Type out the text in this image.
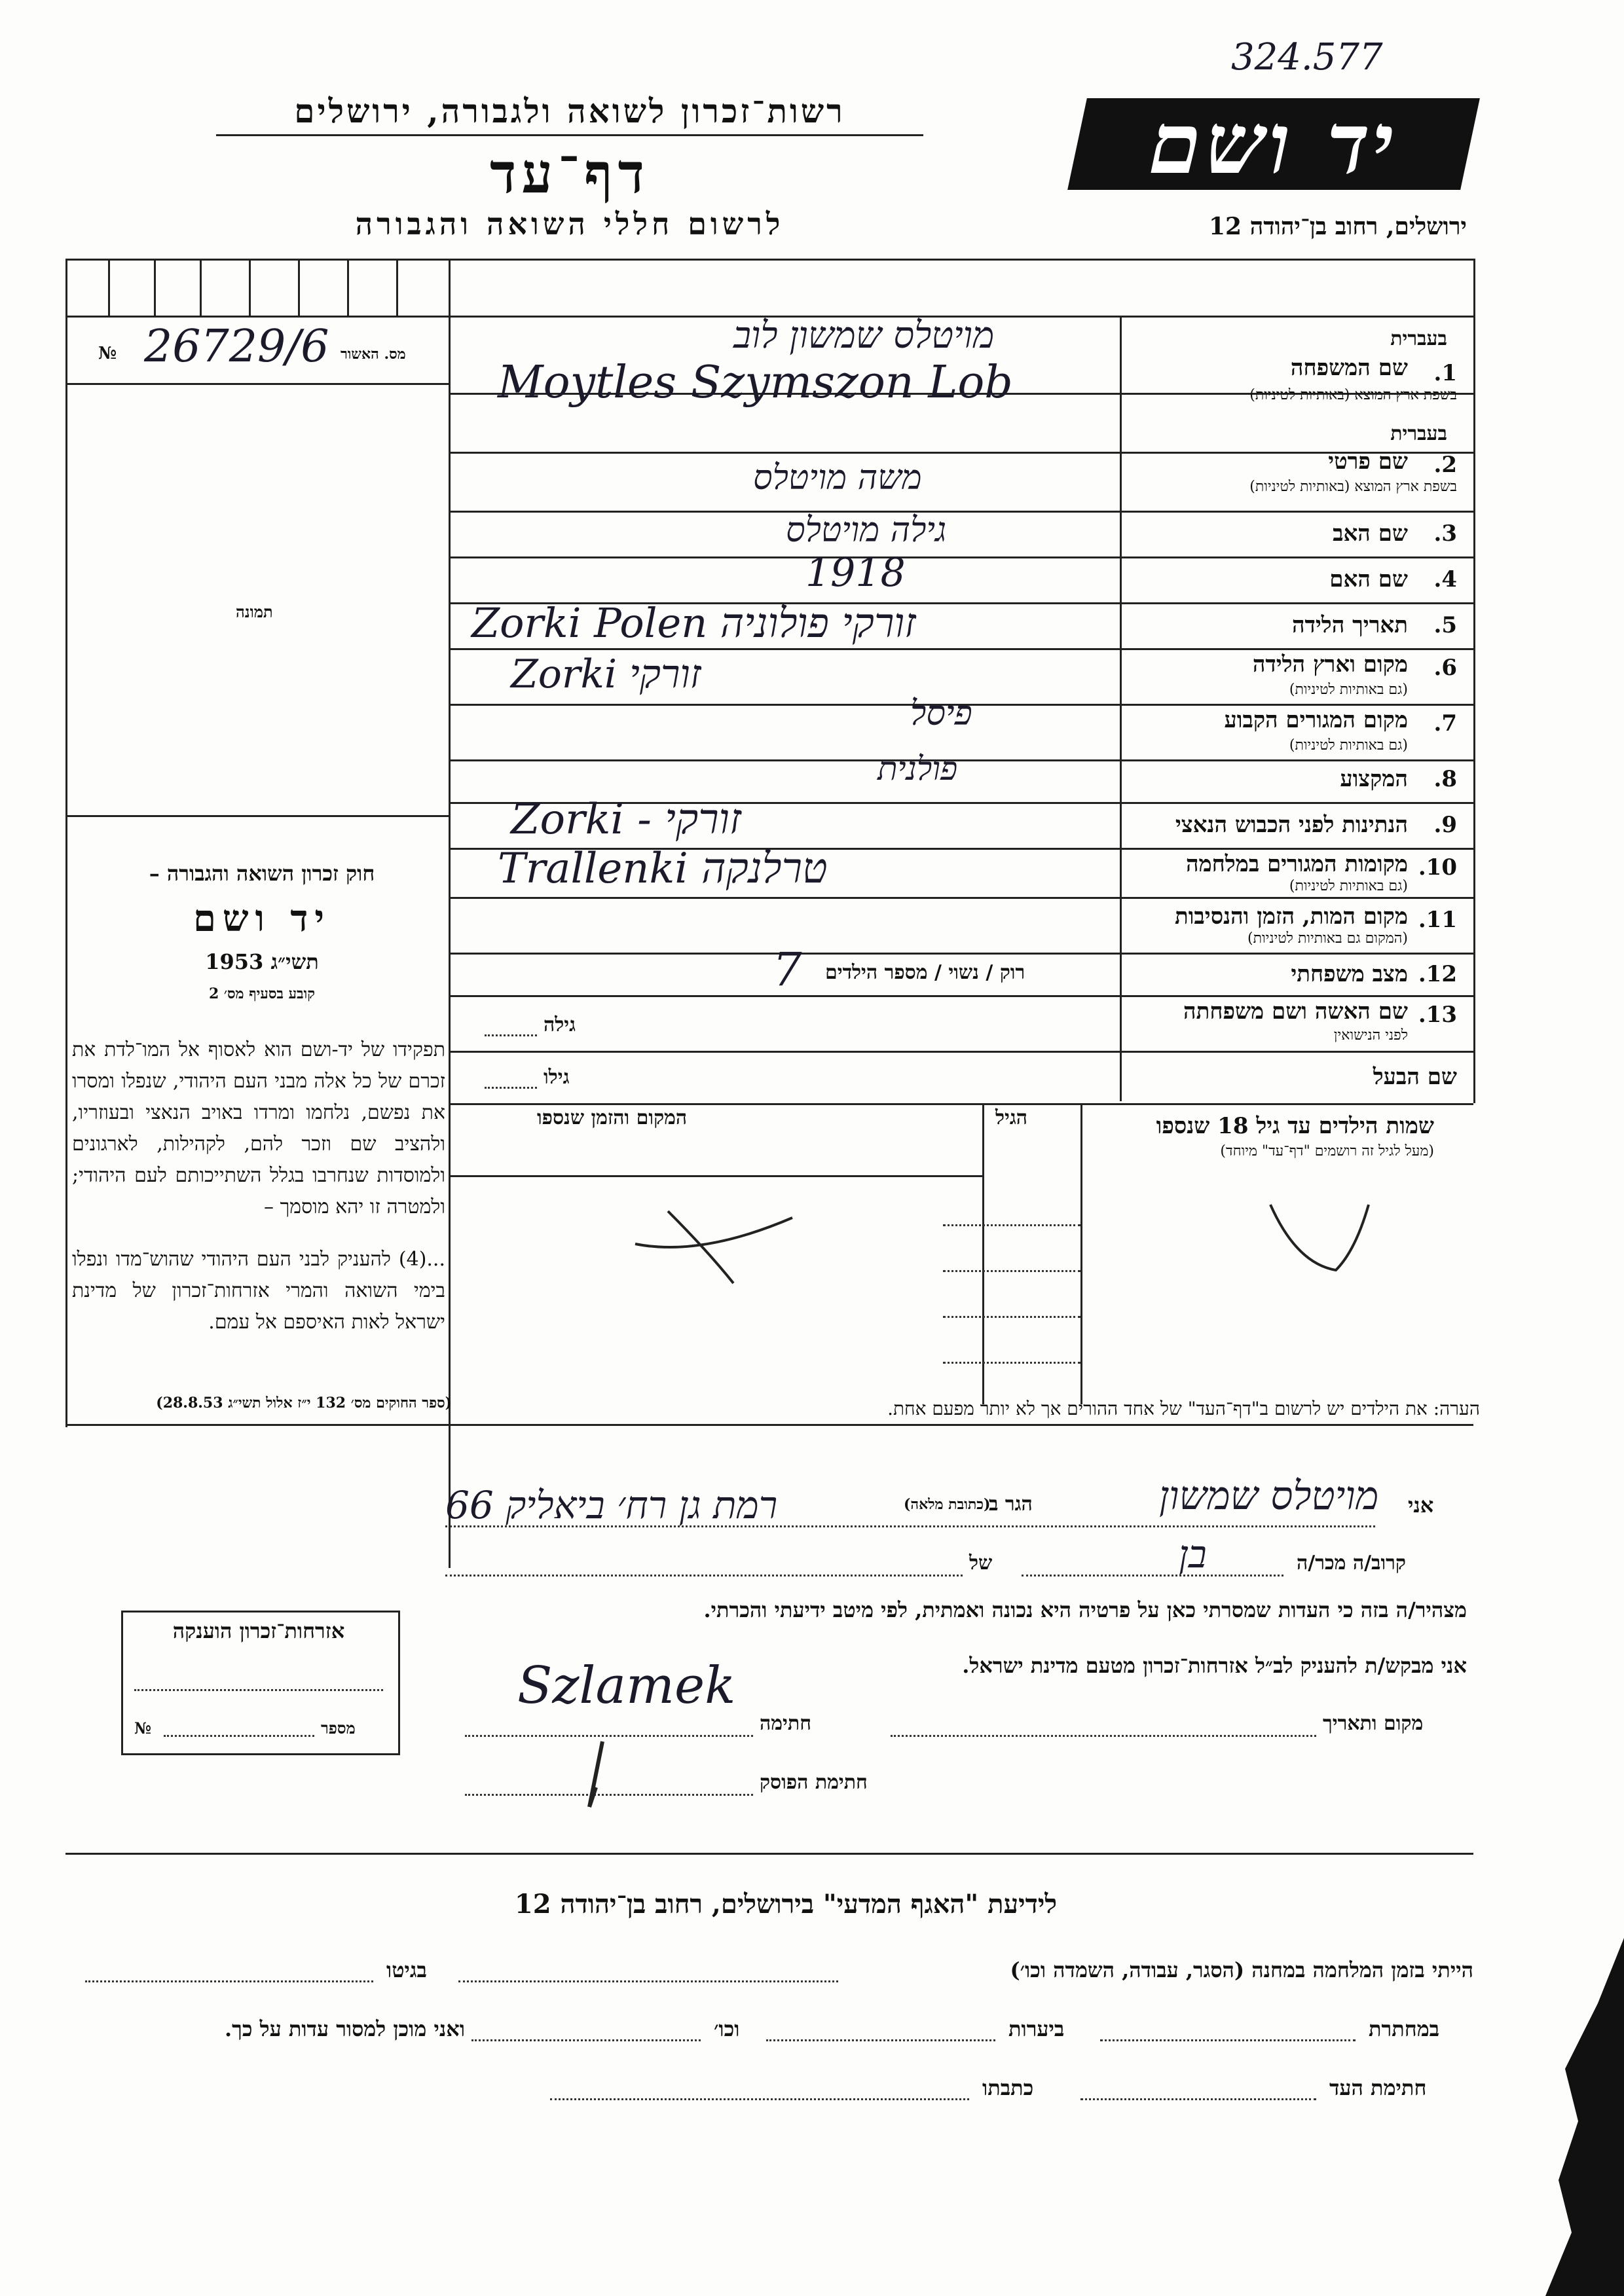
324.577
רשות־זכרון לשואה ולגבורה, ירושלים
דף־עד
לרשום חללי השואה והגבורה
יד ושם
ירושלים, רחוב בן־יהודה 12
№ 26729/6 מס. האשור
תמונה
בעברית
1.
שם המשפחה
בשפת ארץ המוצא (באותיות לטיניות)
בעברית
2.
שם פרטי
בשפת ארץ המוצא (באותיות לטיניות)
3.
שם האב
4.
שם האם
5.
תאריך הלידה
6.
מקום וארץ הלידה
(גם באותיות לטיניות)
7.
מקום המגורים הקבוע
(גם באותיות לטיניות)
8.
המקצוע
9.
הנתינות לפני הכבוש הנאצי
10.
מקומות המגורים במלחמה
(גם באותיות לטיניות)
11.
מקום המות, הזמן והנסיבות
(המקום גם באותיות לטיניות)
12.
מצב משפחתי
13.
שם האשה ושם משפחתה
לפני הנישואין
שם הבעל
מויטלס שמשון לוב
Moytles Szymszon Lob
משה מויטלס
גילה מויטלס
1918
Zorki Polen זורקי פולוניה
Zorki זורקי
פיסל
פולנית
Zorki - זורקי
Trallenki טרלנקה
רוק / נשוי / מספר הילדים
7
גילה
גילו
שמות הילדים עד גיל 18 שנספו
(מעל לגיל זה רושמים "דף־עד" מיוחד)
הגיל
המקום והזמן שנספו
חוק זכרון השואה והגבורה –
יד ושם
תשי״ג 1953
קובע בסעיף מס׳ 2
תפקידו של יד-ושם הוא לאסוף אל המו־לדת את זכרם של כל אלה מבני העם היהודי, שנפלו ומסרו את נפשם, נלחמו ומרדו באויב הנאצי ובעוזריו, ולהציב שם וזכר להם, לקהילות, לארגונים ולמוסדות שנחרבו בגלל השתייכותם לעם היהודי; ולמטרה זו יהא מוסמך –
...(4) להעניק לבני העם היהודי שהוש־מדו ונפלו בימי השואה והמרי אזרחות־זכרון של מדינת ישראל לאות האיספם אל עמם.
(ספר החוקים מס׳ 132 י״ז אלול תשי״ג 28.8.53)	הערה: את הילדים יש לרשום ב"דף־העד" של אחד ההורים אך לא יותר מפעם אחת.
אני
מויטלס שמשון
הגר ב
(כתובת מלאה)
רמת גן רח׳ ביאליק 66
קרוב/ה מכר/ה
בן
של
מצהיר/ה בזה כי העדות שמסרתי כאן על פרטיה היא נכונה ואמתית, לפי מיטב ידיעתי והכרתי.
אני מבקש/ת להעניק לב״ל אזרחות־זכרון מטעם מדינת ישראל.
מקום ותאריך
חתימה
Szlamek
חתימת הפוסק
אזרחות־זכרון הוענקה
מספר
№
לידיעת "האגף המדעי" בירושלים, רחוב בן־יהודה 12
הייתי בזמן המלחמה במחנה (הסגר, עבודה, השמדה וכו׳)
בגיטו
במחתרת
ביערות
וכו׳
ואני מוכן למסור עדות על כך.
חתימת העד
כתבתו
